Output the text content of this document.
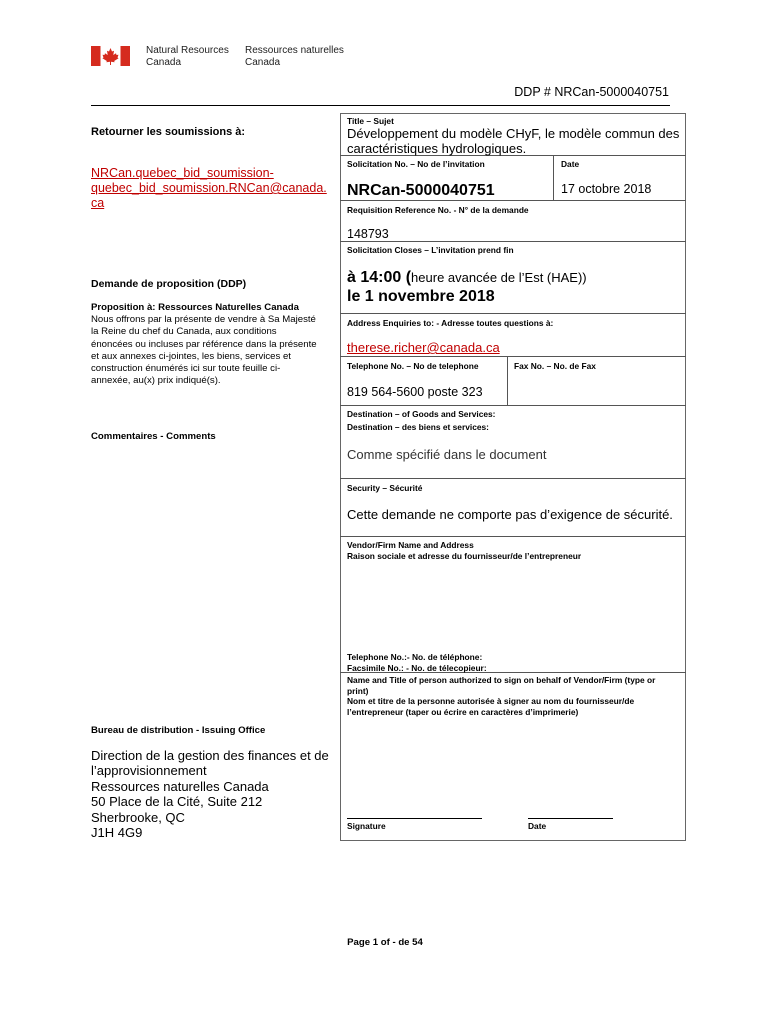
Natural Resources
Canada
Ressources naturelles
Canada
DDP # NRCan-5000040751
Retourner les soumissions à:
NRCan.quebec_bid_soumission-
quebec_bid_soumission.RNCan@canada.
ca
Demande de proposition (DDP)
Proposition à: Ressources Naturelles Canada
Nous offrons par la présente de vendre à Sa Majesté
la Reine du chef du Canada, aux conditions
énoncées ou incluses par référence dans la présente
et aux annexes ci-jointes, les biens, services et
construction énumérés ici sur toute feuille ci-
annexée, au(x) prix indiqué(s).
Commentaires - Comments
Bureau de distribution - Issuing Office
Direction de la gestion des finances et de
l’approvisionnement
Ressources naturelles Canada
50 Place de la Cité, Suite 212
Sherbrooke, QC
J1H 4G9
Title – Sujet
Développement du modèle CHyF, le modèle commun des
caractéristiques hydrologiques.
Solicitation No. – No de l’invitation	Date
NRCan-5000040751	17 octobre 2018
Requisition Reference No. - N° de la demande
148793
Solicitation Closes – L’invitation prend fin
à 14:00 (heure avancée de l’Est (HAE))
le 1 novembre 2018
Address Enquiries to: - Adresse toutes questions à:
therese.richer@canada.ca
Telephone No. – No de telephone	Fax No. – No. de Fax
819 564-5600 poste 323
Destination – of Goods and Services:
Destination – des biens et services:
Comme spécifié dans le document
Security – Sécurité
Cette demande ne comporte pas d’exigence de sécurité.
Vendor/Firm Name and Address
Raison sociale et adresse du fournisseur/de l’entrepreneur
Telephone No.:- No. de téléphone:
Facsimile No.: - No. de télecopieur:
Name and Title of person authorized to sign on behalf of Vendor/Firm (type or
print)
Nom et titre de la personne autorisée à signer au nom du fournisseur/de
l’entrepreneur (taper ou écrire en caractères d’imprimerie)
Signature	Date
Page 1 of - de 54
